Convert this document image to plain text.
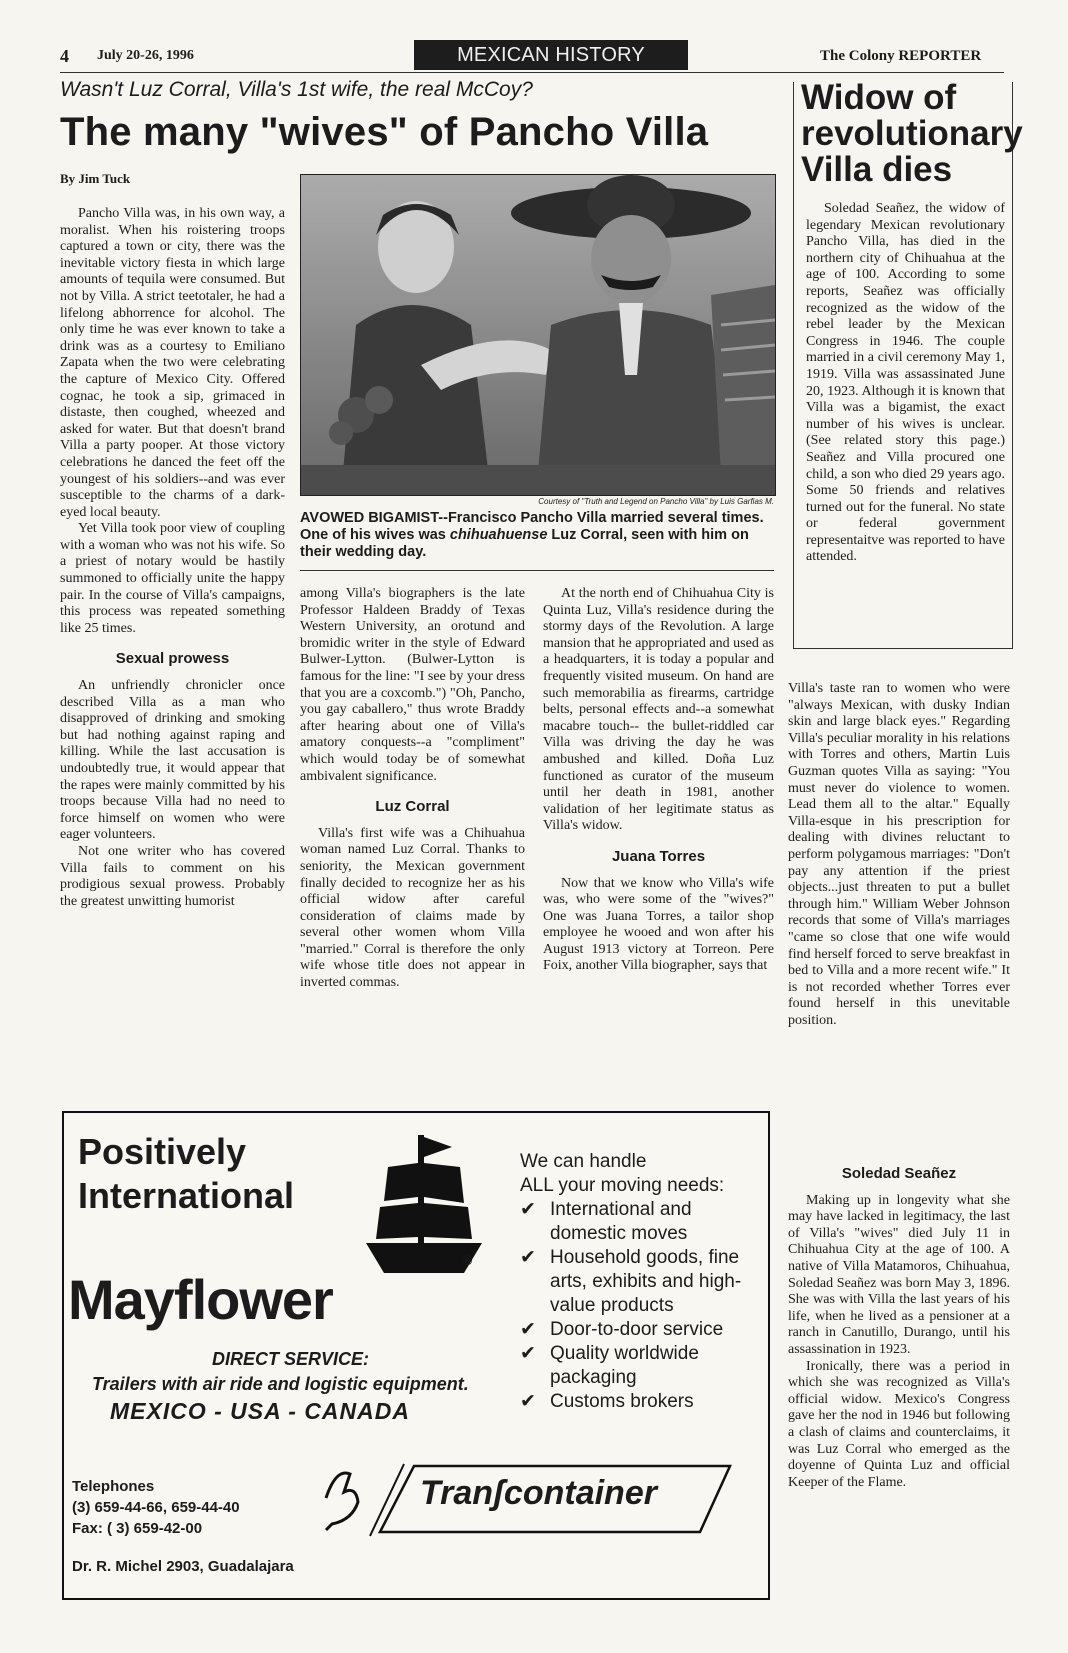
4 July 20-26, 1996	MEXICAN HISTORY	The Colony REPORTER
Wasn't Luz Corral, Villa's 1st wife, the real McCoy?
The many "wives" of Pancho Villa
By Jim Tuck
Widow of revolutionary Villa dies

Soledad Seañez, the widow of legendary Mexican revolutionary Pancho Villa, has died in the northern city of Chihuahua at the age of 100. According to some reports, Seañez was officially recognized as the widow of the rebel leader by the Mexican Congress in 1946. The couple married in a civil ceremony May 1, 1919. Villa was assassinated June 20, 1923. Although it is known that Villa was a bigamist, the exact number of his wives is unclear. (See related story this page.) Seañez and Villa procured one child, a son who died 29 years ago. Some 50 friends and relatives turned out for the funeral. No state or federal government representaitve was reported to have attended.

Courtesy of "Truth and Legend on Pancho Villa" by Luis Garfias M.
AVOWED BIGAMIST--Francisco Pancho Villa married several times. One of his wives was chihuahuense Luz Corral, seen with him on their wedding day.

Pancho Villa was, in his own way, a moralist. When his roistering troops captured a town or city, there was the inevitable victory fiesta in which large amounts of tequila were consumed. But not by Villa. A strict teetotaler, he had a lifelong abhorrence for alcohol. The only time he was ever known to take a drink was as a courtesy to Emiliano Zapata when the two were celebrating the capture of Mexico City. Offered cognac, he took a sip, grimaced in distaste, then coughed, wheezed and asked for water. But that doesn't brand Villa a party pooper. At those victory celebrations he danced the feet off the youngest of his soldiers--and was ever susceptible to the charms of a dark-eyed local beauty.

Yet Villa took poor view of coupling with a woman who was not his wife. So a priest of notary would be hastily summoned to officially unite the happy pair. In the course of Villa's campaigns, this process was repeated something like 25 times.

Sexual prowess

An unfriendly chronicler once described Villa as a man who disapproved of drinking and smoking but had nothing against raping and killing. While the last accusation is undoubtedly true, it would appear that the rapes were mainly committed by his troops because Villa had no need to force himself on women who were eager volunteers.

Not one writer who has covered Villa fails to comment on his prodigious sexual prowess. Probably the greatest unwitting humorist

among Villa's biographers is the late Professor Haldeen Braddy of Texas Western University, an orotund and bromidic writer in the style of Edward Bulwer-Lytton. (Bulwer-Lytton is famous for the line: "I see by your dress that you are a coxcomb.") "Oh, Pancho, you gay caballero," thus wrote Braddy after hearing about one of Villa's amatory conquests--a "compliment" which would today be of somewhat ambivalent significance.

Luz Corral

Villa's first wife was a Chihuahua woman named Luz Corral. Thanks to seniority, the Mexican government finally decided to recognize her as his official widow after careful consideration of claims made by several other women whom Villa "married." Corral is therefore the only wife whose title does not appear in inverted commas.

At the north end of Chihuahua City is Quinta Luz, Villa's residence during the stormy days of the Revolution. A large mansion that he appropriated and used as a headquarters, it is today a popular and frequently visited museum. On hand are such memorabilia as firearms, cartridge belts, personal effects and--a somewhat macabre touch-- the bullet-riddled car Villa was driving the day he was ambushed and killed. Doña Luz functioned as curator of the museum until her death in 1981, another validation of her legitimate status as Villa's widow.

Juana Torres

Now that we know who Villa's wife was, who were some of the "wives?" One was Juana Torres, a tailor shop employee he wooed and won after his August 1913 victory at Torreon. Pere Foix, another Villa biographer, says that

Villa's taste ran to women who were "always Mexican, with dusky Indian skin and large black eyes." Regarding Villa's peculiar morality in his relations with Torres and others, Martin Luis Guzman quotes Villa as saying: "You must never do violence to women. Lead them all to the altar." Equally Villa-esque in his prescription for dealing with divines reluctant to perform polygamous marriages: "Don't pay any attention if the priest objects...just threaten to put a bullet through him." William Weber Johnson records that some of Villa's marriages "came so close that one wife would find herself forced to serve breakfast in bed to Villa and a more recent wife." It is not recorded whether Torres ever found herself in this unevitable position.

Soledad Seañez

Making up in longevity what she may have lacked in legitimacy, the last of Villa's "wives" died July 11 in Chihuahua City at the age of 100. A native of Villa Matamoros, Chihuahua, Soledad Seañez was born May 3, 1896. She was with Villa the last years of his life, when he lived as a pensioner at a ranch in Canutillo, Durango, until his assassination in 1923.

Ironically, there was a period in which she was recognized as Villa's official widow. Mexico's Congress gave her the nod in 1946 but following a clash of claims and counterclaims, it was Luz Corral who emerged as the doyenne of Quinta Luz and official Keeper of the Flame.

Positively
International
®
Mayflower
DIRECT SERVICE:
Trailers with air ride and logistic equipment.
MEXICO - USA - CANADA
We can handle
ALL your moving needs:
✔ International and domestic moves
✔ Household goods, fine arts, exhibits and high-value products
✔ Door-to-door service
✔ Quality worldwide packaging
✔ Customs brokers
Telephones
(3) 659-44-66, 659-44-40
Fax: ( 3) 659-42-00
Dr. R. Michel 2903, Guadalajara
Tranʃcontainer
